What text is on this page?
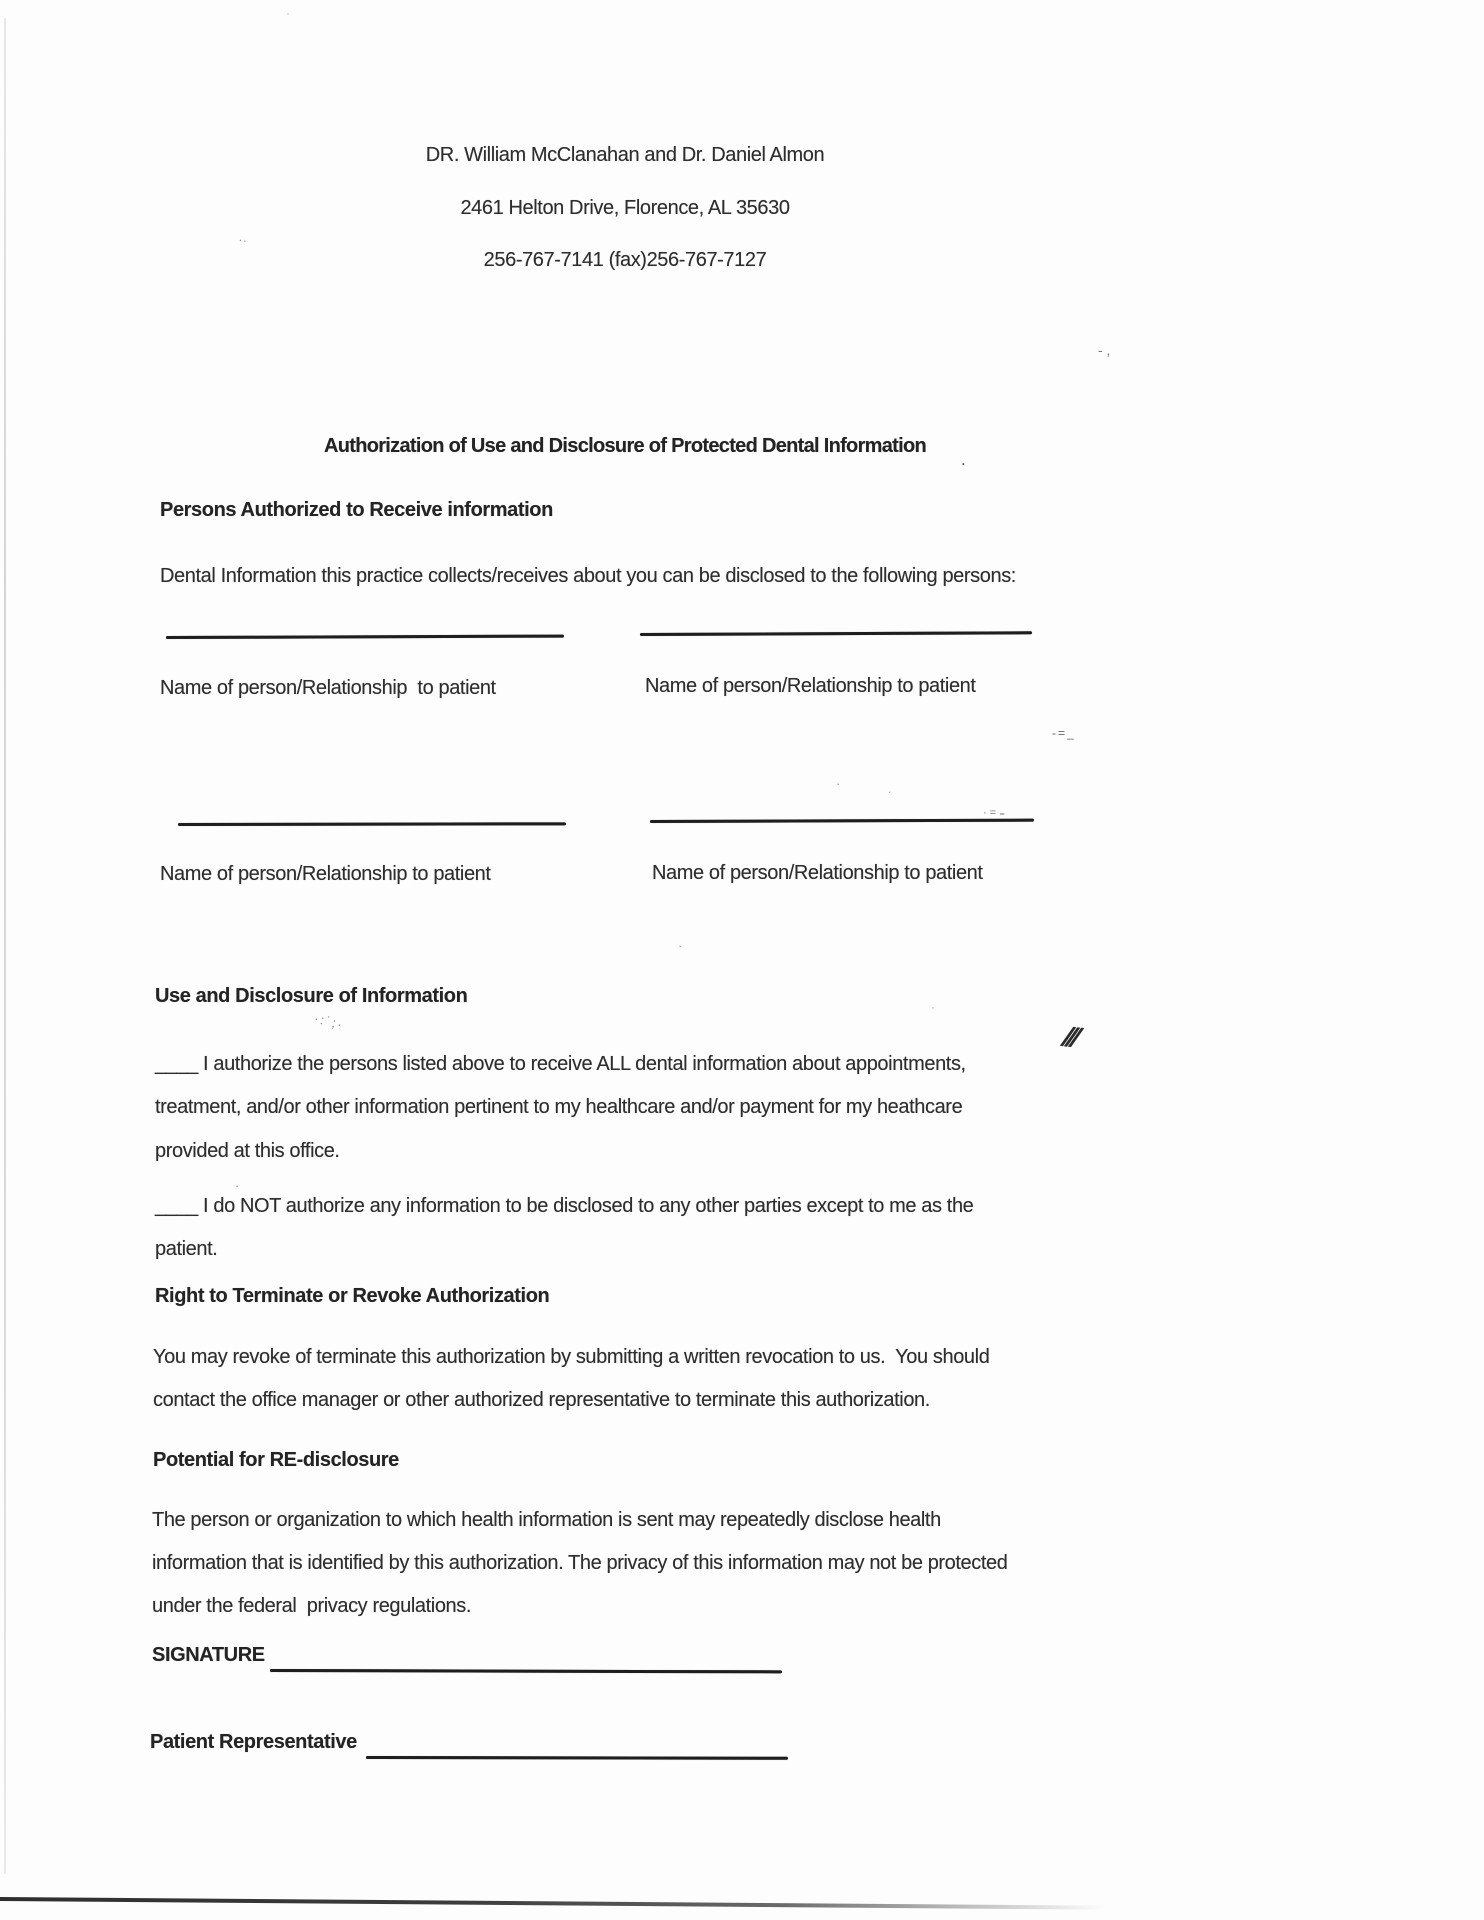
·
·.
- ,
.
·	.
-=_
· = ₌
·:˙;·
·
·
·
///
DR. William McClanahan and Dr. Daniel Almon
2461 Helton Drive, Florence, AL 35630
256-767-7141 (fax)256-767-7127
Authorization of Use and Disclosure of Protected Dental Information
Persons Authorized to Receive information
Dental Information this practice collects/receives about you can be disclosed to the following persons:
Name of person/Relationship  to patient	Name of person/Relationship to patient
Name of person/Relationship to patient	Name of person/Relationship to patient
Use and Disclosure of Information
____ I authorize the persons listed above to receive ALL dental information about appointments,
treatment, and/or other information pertinent to my healthcare and/or payment for my heathcare
provided at this office.
____ I do NOT authorize any information to be disclosed to any other parties except to me as the
patient.
Right to Terminate or Revoke Authorization
You may revoke of terminate this authorization by submitting a written revocation to us.  You should
contact the office manager or other authorized representative to terminate this authorization.
Potential for RE-disclosure
The person or organization to which health information is sent may repeatedly disclose health
information that is identified by this authorization. The privacy of this information may not be protected
under the federal  privacy regulations.
SIGNATURE
Patient Representative
